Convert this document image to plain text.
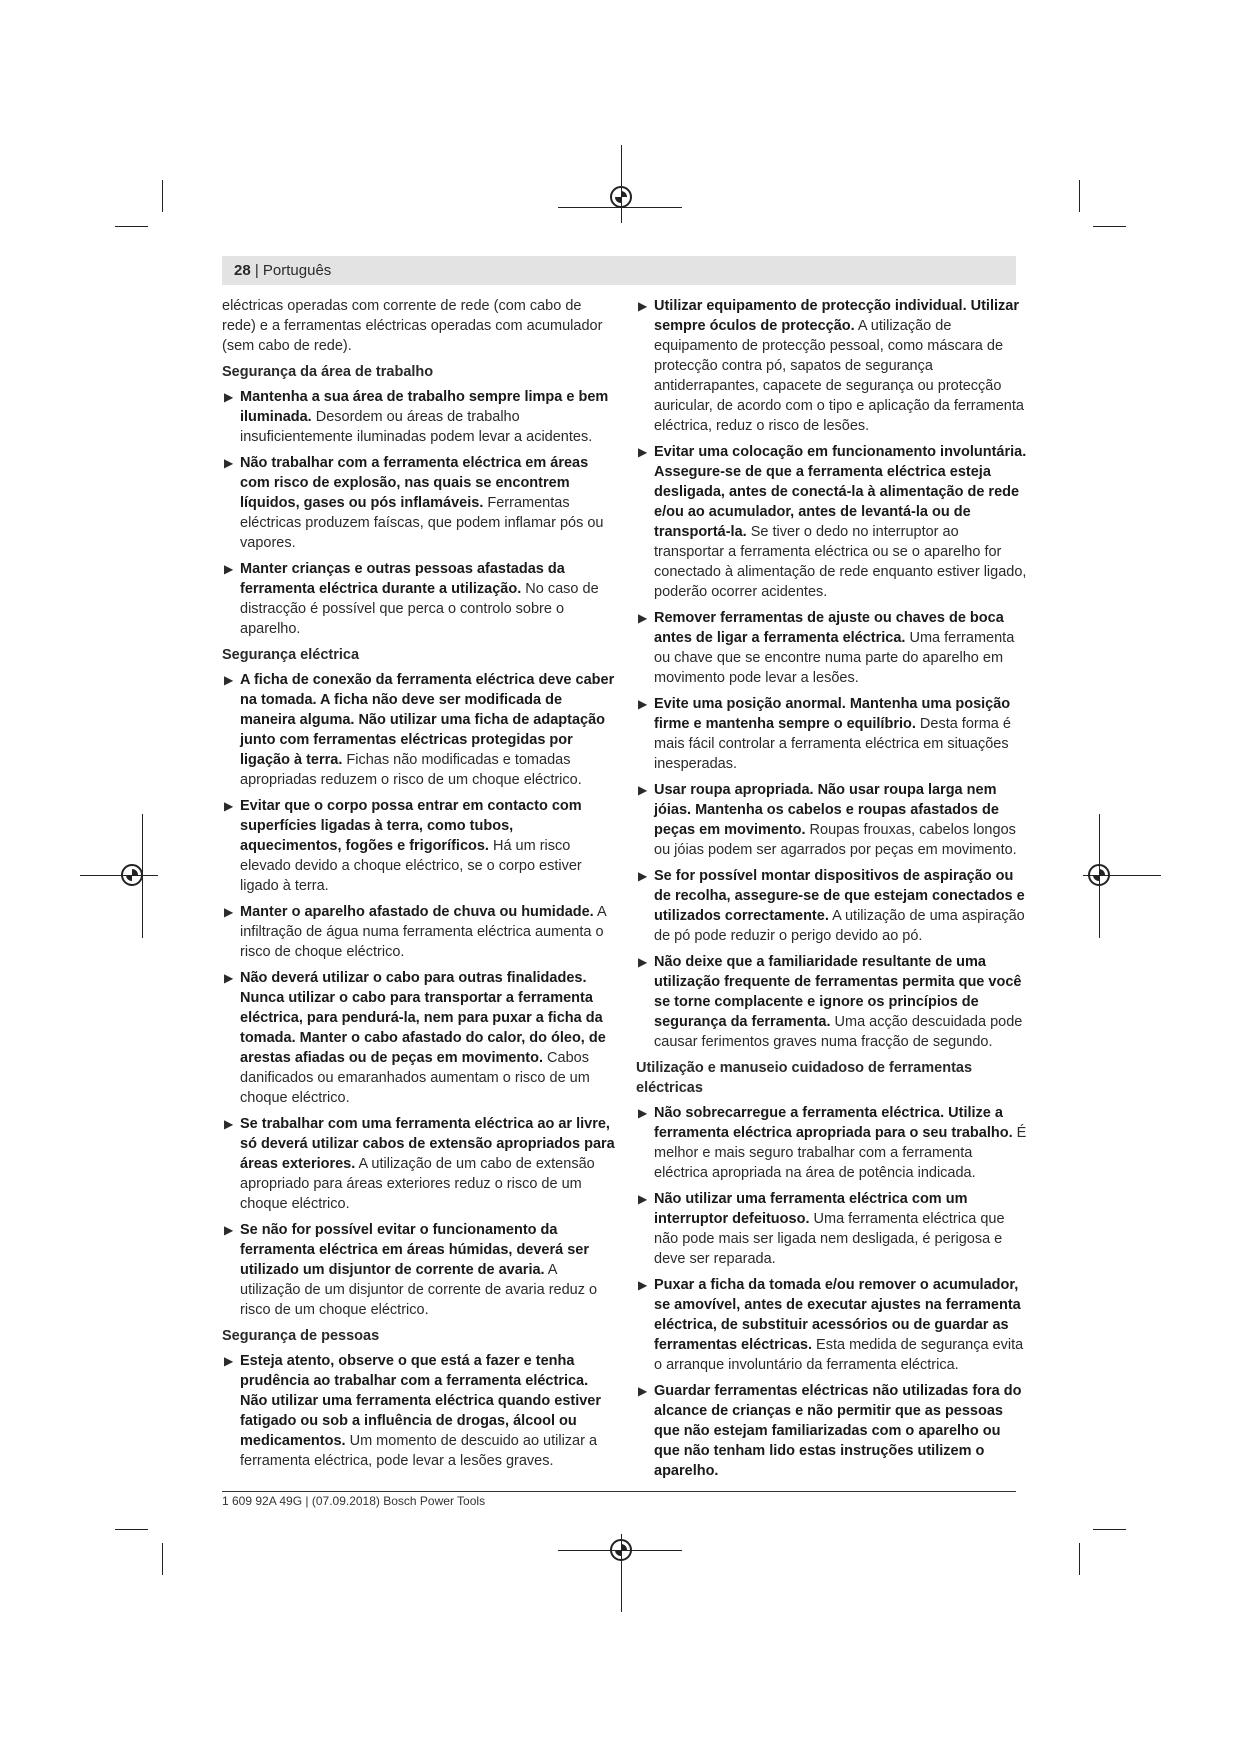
28 | Português

eléctricas operadas com corrente de rede (com cabo de rede) e a ferramentas eléctricas operadas com acumulador (sem cabo de rede).

Segurança da área de trabalho
▶ Mantenha a sua área de trabalho sempre limpa e bem iluminada. Desordem ou áreas de trabalho insuficientemente iluminadas podem levar a acidentes.
▶ Não trabalhar com a ferramenta eléctrica em áreas com risco de explosão, nas quais se encontrem líquidos, gases ou pós inflamáveis. Ferramentas eléctricas produzem faíscas, que podem inflamar pós ou vapores.
▶ Manter crianças e outras pessoas afastadas da ferramenta eléctrica durante a utilização. No caso de distracção é possível que perca o controlo sobre o aparelho.
Segurança eléctrica
▶ A ficha de conexão da ferramenta eléctrica deve caber na tomada. A ficha não deve ser modificada de maneira alguma. Não utilizar uma ficha de adaptação junto com ferramentas eléctricas protegidas por ligação à terra. Fichas não modificadas e tomadas apropriadas reduzem o risco de um choque eléctrico.
▶ Evitar que o corpo possa entrar em contacto com superfícies ligadas à terra, como tubos, aquecimentos, fogões e frigoríficos. Há um risco elevado devido a choque eléctrico, se o corpo estiver ligado à terra.
▶ Manter o aparelho afastado de chuva ou humidade. A infiltração de água numa ferramenta eléctrica aumenta o risco de choque eléctrico.
▶ Não deverá utilizar o cabo para outras finalidades. Nunca utilizar o cabo para transportar a ferramenta eléctrica, para pendurá-la, nem para puxar a ficha da tomada. Manter o cabo afastado do calor, do óleo, de arestas afiadas ou de peças em movimento. Cabos danificados ou emaranhados aumentam o risco de um choque eléctrico.
▶ Se trabalhar com uma ferramenta eléctrica ao ar livre, só deverá utilizar cabos de extensão apropriados para áreas exteriores. A utilização de um cabo de extensão apropriado para áreas exteriores reduz o risco de um choque eléctrico.
▶ Se não for possível evitar o funcionamento da ferramenta eléctrica em áreas húmidas, deverá ser utilizado um disjuntor de corrente de avaria. A utilização de um disjuntor de corrente de avaria reduz o risco de um choque eléctrico.
Segurança de pessoas
▶ Esteja atento, observe o que está a fazer e tenha prudência ao trabalhar com a ferramenta eléctrica. Não utilizar uma ferramenta eléctrica quando estiver fatigado ou sob a influência de drogas, álcool ou medicamentos. Um momento de descuido ao utilizar a ferramenta eléctrica, pode levar a lesões graves.
▶ Utilizar equipamento de protecção individual. Utilizar sempre óculos de protecção. A utilização de equipamento de protecção pessoal, como máscara de protecção contra pó, sapatos de segurança antiderrapantes, capacete de segurança ou protecção auricular, de acordo com o tipo e aplicação da ferramenta eléctrica, reduz o risco de lesões.
▶ Evitar uma colocação em funcionamento involuntária. Assegure-se de que a ferramenta eléctrica esteja desligada, antes de conectá-la à alimentação de rede e/ou ao acumulador, antes de levantá-la ou de transportá-la. Se tiver o dedo no interruptor ao transportar a ferramenta eléctrica ou se o aparelho for conectado à alimentação de rede enquanto estiver ligado, poderão ocorrer acidentes.
▶ Remover ferramentas de ajuste ou chaves de boca antes de ligar a ferramenta eléctrica. Uma ferramenta ou chave que se encontre numa parte do aparelho em movimento pode levar a lesões.
▶ Evite uma posição anormal. Mantenha uma posição firme e mantenha sempre o equilíbrio. Desta forma é mais fácil controlar a ferramenta eléctrica em situações inesperadas.
▶ Usar roupa apropriada. Não usar roupa larga nem jóias. Mantenha os cabelos e roupas afastados de peças em movimento. Roupas frouxas, cabelos longos ou jóias podem ser agarrados por peças em movimento.
▶ Se for possível montar dispositivos de aspiração ou de recolha, assegure-se de que estejam conectados e utilizados correctamente. A utilização de uma aspiração de pó pode reduzir o perigo devido ao pó.
▶ Não deixe que a familiaridade resultante de uma utilização frequente de ferramentas permita que você se torne complacente e ignore os princípios de segurança da ferramenta. Uma acção descuidada pode causar ferimentos graves numa fracção de segundo.
Utilização e manuseio cuidadoso de ferramentas eléctricas
▶ Não sobrecarregue a ferramenta eléctrica. Utilize a ferramenta eléctrica apropriada para o seu trabalho. É melhor e mais seguro trabalhar com a ferramenta eléctrica apropriada na área de potência indicada.
▶ Não utilizar uma ferramenta eléctrica com um interruptor defeituoso. Uma ferramenta eléctrica que não pode mais ser ligada nem desligada, é perigosa e deve ser reparada.
▶ Puxar a ficha da tomada e/ou remover o acumulador, se amovível, antes de executar ajustes na ferramenta eléctrica, de substituir acessórios ou de guardar as ferramentas eléctricas. Esta medida de segurança evita o arranque involuntário da ferramenta eléctrica.
▶ Guardar ferramentas eléctricas não utilizadas fora do alcance de crianças e não permitir que as pessoas que não estejam familiarizadas com o aparelho ou que não tenham lido estas instruções utilizem o aparelho.
1 609 92A 49G | (07.09.2018) Bosch Power Tools
